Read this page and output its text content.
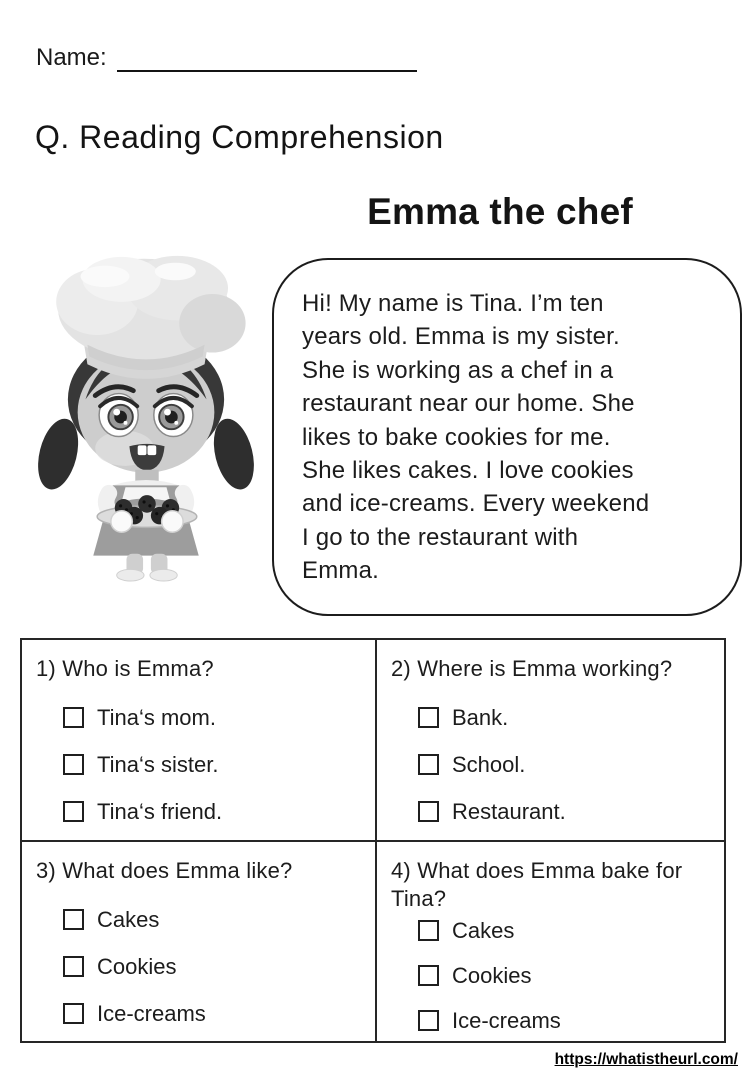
Name:
Q. Reading Comprehension
Emma the chef
Hi! My name is Tina. I’m ten
years old. Emma is my sister.
She is working as a chef in a
restaurant near our home. She
likes to bake cookies for me.
She likes cakes. I love cookies
and ice-creams. Every weekend
I go to the restaurant with
Emma.
1) Who is Emma?
Tina‘s mom.
Tina‘s sister.
Tina‘s friend.
2) Where is Emma working?
Bank.
School.
Restaurant.
3) What does Emma like?
Cakes
Cookies
Ice-creams
4) What does Emma bake for Tina?
Cakes
Cookies
Ice-creams
https://whatistheurl.com/
